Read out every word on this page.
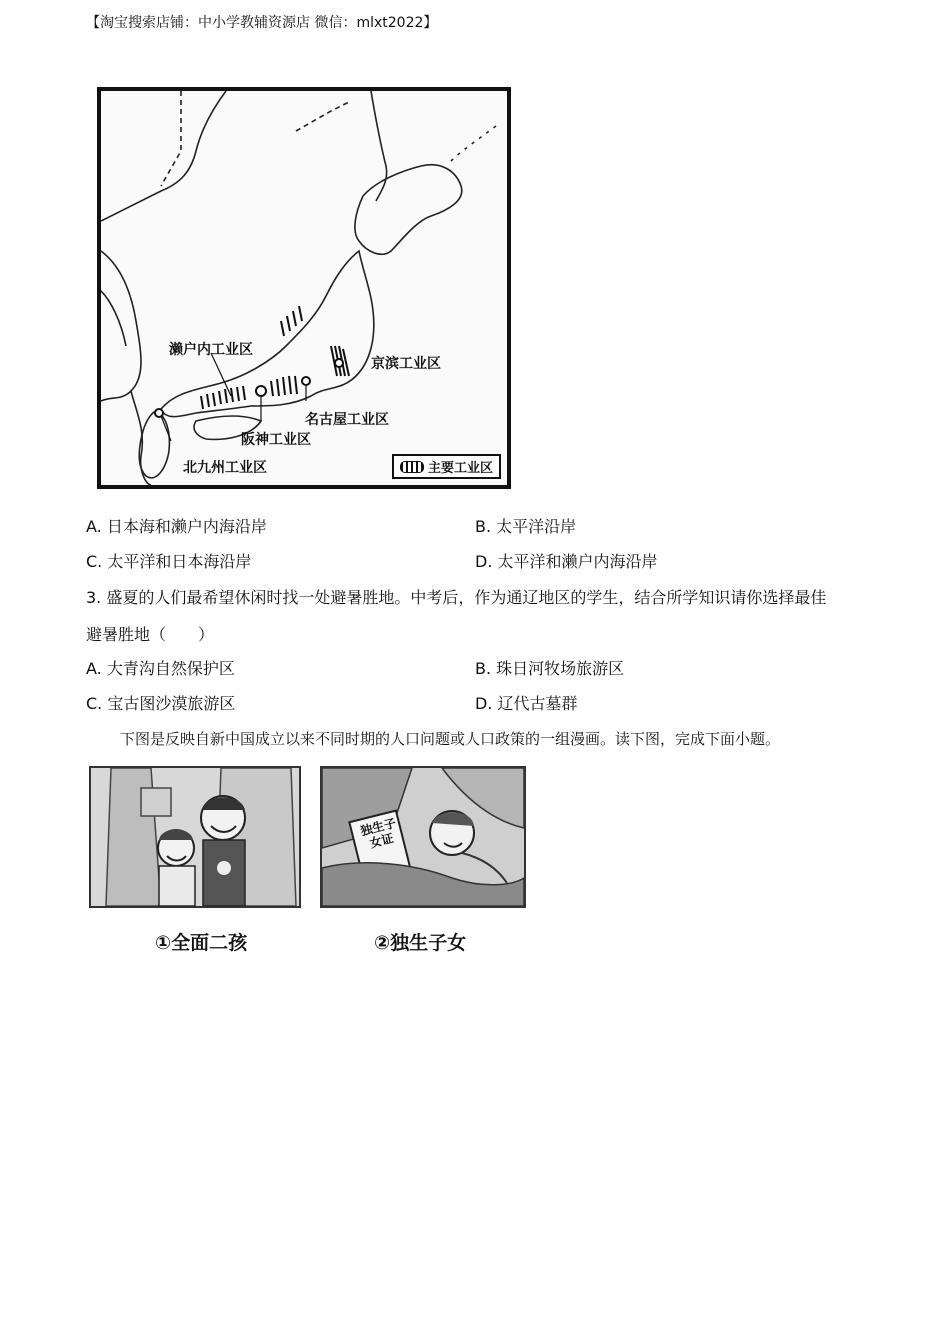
【淘宝搜索店铺：中小学教辅资源店 微信：mlxt2022】
濑户内工业区
京滨工业区
名古屋工业区
阪神工业区
北九州工业区	主要工业区
A. 日本海和濑户内海沿岸	B. 太平洋沿岸
C. 太平洋和日本海沿岸	D. 太平洋和濑户内海沿岸
3. 盛夏的人们最希望休闲时找一处避暑胜地。中考后，作为通辽地区的学生，结合所学知识请你选择最佳
避暑胜地（　　）
A. 大青沟自然保护区	B. 珠日河牧场旅游区
C. 宝古图沙漠旅游区	D. 辽代古墓群
下图是反映自新中国成立以来不同时期的人口问题或人口政策的一组漫画。读下图，完成下面小题。
独生子女证
①全面二孩	②独生子女
